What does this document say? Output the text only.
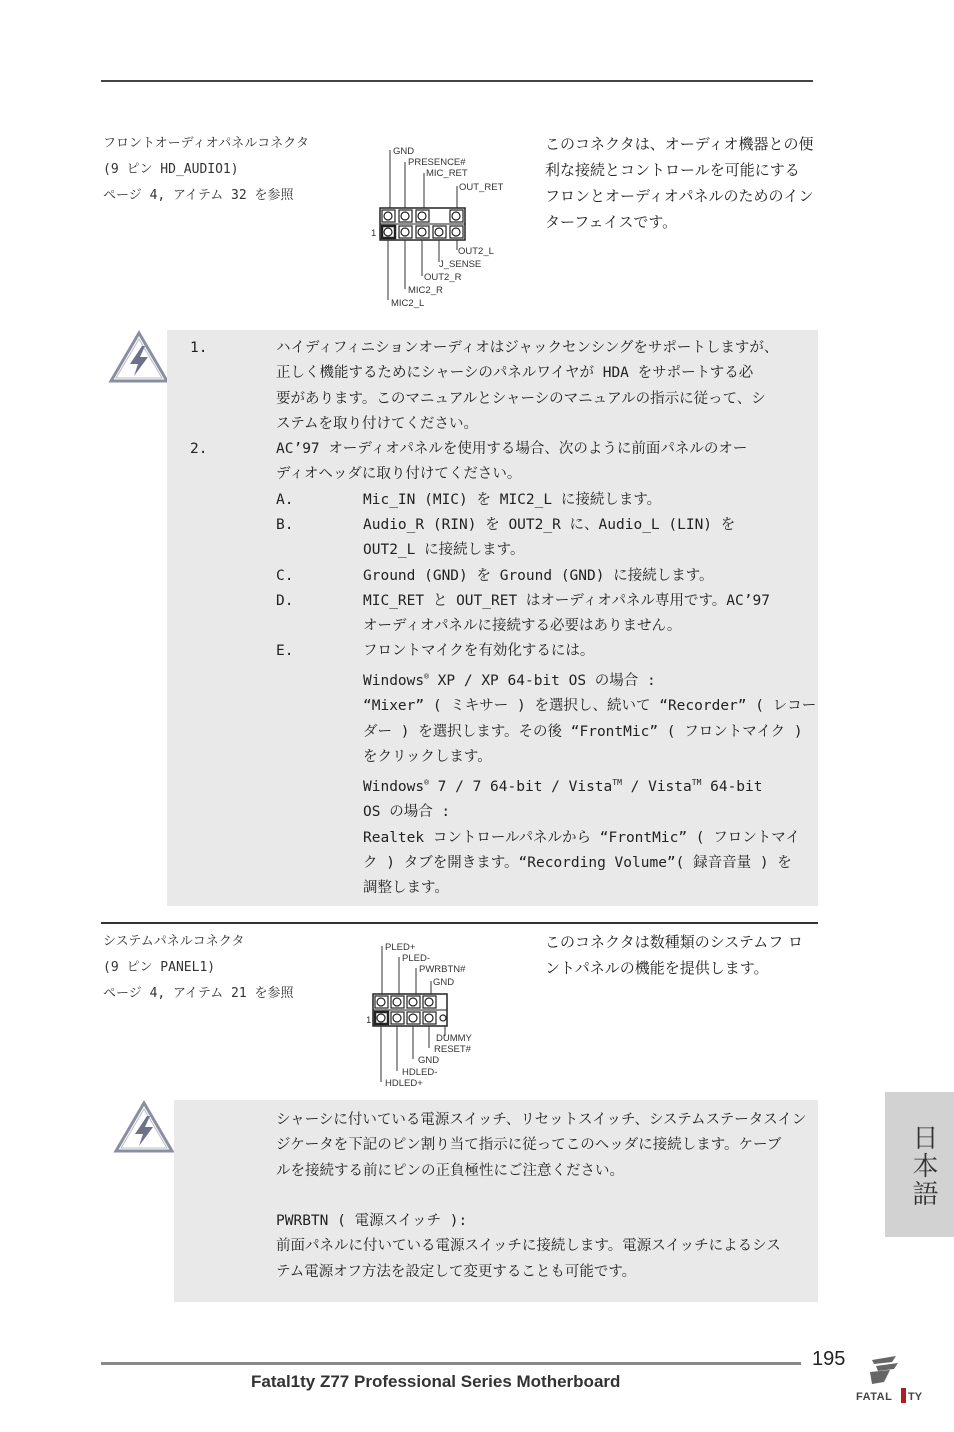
フロントオーディオパネルコネクタ
(9 ピン HD_AUDIO1)
ページ 4, アイテム 32 を参照
GND
PRESENCE#
MIC_RET
OUT_RET
1
OUT2_L
J_SENSE
OUT2_R
MIC2_R
MIC2_L
このコネクタは、オーディオ機器との便
利な接続とコントロールを可能にする
フロンとオーディオパネルのためのイン
ターフェイスです。
1.	ハイディフィニションオーディオはジャックセンシングをサポートしますが、
正しく機能するためにシャーシのパネルワイヤが HDA をサポートする必
要があります。このマニュアルとシャーシのマニュアルの指示に従って、シ
ステムを取り付けてください。
2.	AC’97 オーディオパネルを使用する場合、次のように前面パネルのオー
ディオヘッダに取り付けてください。
A.	Mic_IN (MIC) を MIC2_L に接続します。
B.	Audio_R (RIN) を OUT2_R に、Audio_L (LIN) を
OUT2_L に接続します。
C.	Ground (GND) を Ground (GND) に接続します。
D.	MIC_RET と OUT_RET はオーディオパネル専用です。AC’97
オーディオパネルに接続する必要はありません。
E.	フロントマイクを有効化するには。
Windows® XP / XP 64-bit OS の場合 :
“Mixer” ( ミキサー ) を選択し、続いて “Recorder” ( レコー
ダー ) を選択します。その後 “FrontMic” ( フロントマイク )
をクリックします。
Windows® 7 / 7 64-bit / Vista™ / Vista™ 64-bit
OS の場合 :
Realtek コントロールパネルから “FrontMic” ( フロントマイ
ク ) タブを開きます。“Recording Volume”( 録音音量 ) を
調整します。
システムパネルコネクタ
(9 ピン PANEL1)
ページ 4, アイテム 21 を参照
PLED+
PLED-
PWRBTN#
GND
1
DUMMY
RESET#
GND
HDLED-
HDLED+
このコネクタは数種類のシステムフ ロ
ントパネルの機能を提供します。
シャーシに付いている電源スイッチ、リセットスイッチ、システムステータスイン
ジケータを下記のピン割り当て指示に従ってこのヘッダに接続します。ケーブ
ルを接続する前にピンの正負極性にご注意ください。
PWRBTN ( 電源スイッチ ):
前面パネルに付いている電源スイッチに接続します。電源スイッチによるシス
テム電源オフ方法を設定して変更することも可能です。
日本語
195
Fatal1ty Z77 Professional Series Motherboard
FATAL TY
